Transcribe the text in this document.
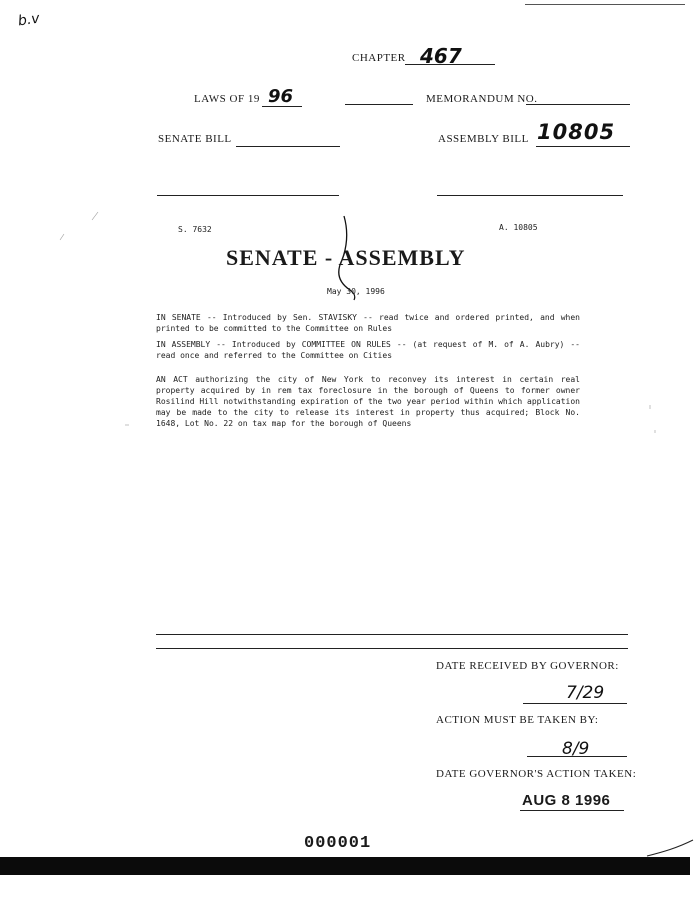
b.v
CHAPTER 467
LAWS OF 19 96	MEMORANDUM NO.
SENATE BILL	ASSEMBLY BILL 10805
S. 7632	A. 10805
SENATE - ASSEMBLY
May 30, 1996
IN SENATE -- Introduced by Sen. STAVISKY -- read twice and ordered printed, and when printed to be committed to the Committee on Rules
IN ASSEMBLY -- Introduced by COMMITTEE ON RULES -- (at request of M. of A. Aubry) -- read once and referred to the Committee on Cities
AN ACT authorizing the city of New York to reconvey its interest in certain real property acquired by in rem tax foreclosure in the borough of Queens to former owner Rosilind Hill notwithstanding expiration of the two year period within which application may be made to the city to release its interest in property thus acquired; Block No. 1648, Lot No. 22 on tax map for the borough of Queens
DATE RECEIVED BY GOVERNOR:
7/29
ACTION MUST BE TAKEN BY:
8/9
DATE GOVERNOR'S ACTION TAKEN:
AUG 8 1996
000001
